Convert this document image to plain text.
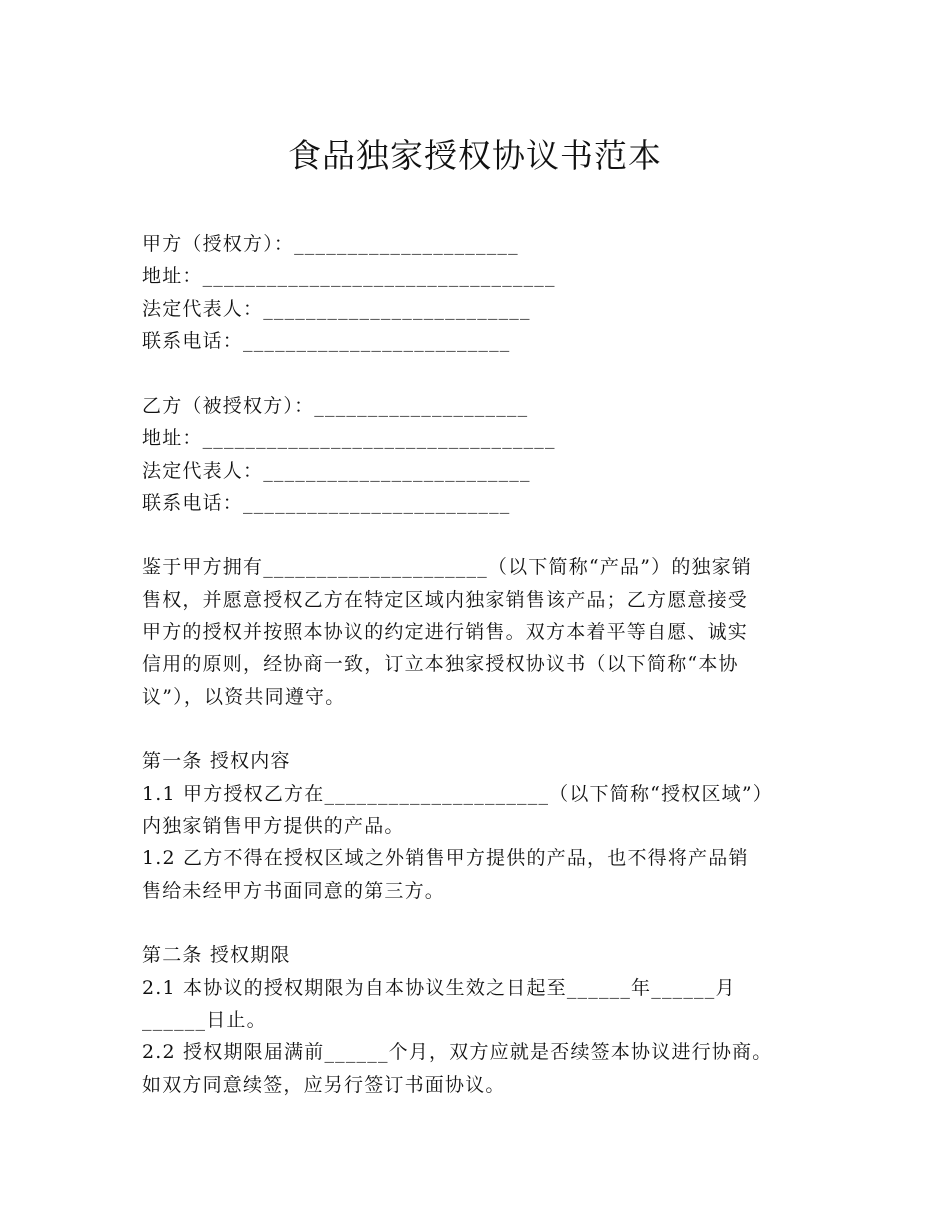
食品独家授权协议书范本
甲方（授权方）：_____________________
地址：_________________________________
法定代表人：_________________________
联系电话：_________________________
乙方（被授权方）：____________________
地址：_________________________________
法定代表人：_________________________
联系电话：_________________________
鉴于甲方拥有_____________________（以下简称“产品”）的独家销
售权，并愿意授权乙方在特定区域内独家销售该产品；乙方愿意接受
甲方的授权并按照本协议的约定进行销售。双方本着平等自愿、诚实
信用的原则，经协商一致，订立本独家授权协议书（以下简称“本协
议”），以资共同遵守。
第一条 授权内容
1.1 甲方授权乙方在_____________________（以下简称“授权区域”）
内独家销售甲方提供的产品。
1.2 乙方不得在授权区域之外销售甲方提供的产品，也不得将产品销
售给未经甲方书面同意的第三方。
第二条 授权期限
2.1 本协议的授权期限为自本协议生效之日起至______年______月
______日止。
2.2 授权期限届满前______个月，双方应就是否续签本协议进行协商。
如双方同意续签，应另行签订书面协议。
